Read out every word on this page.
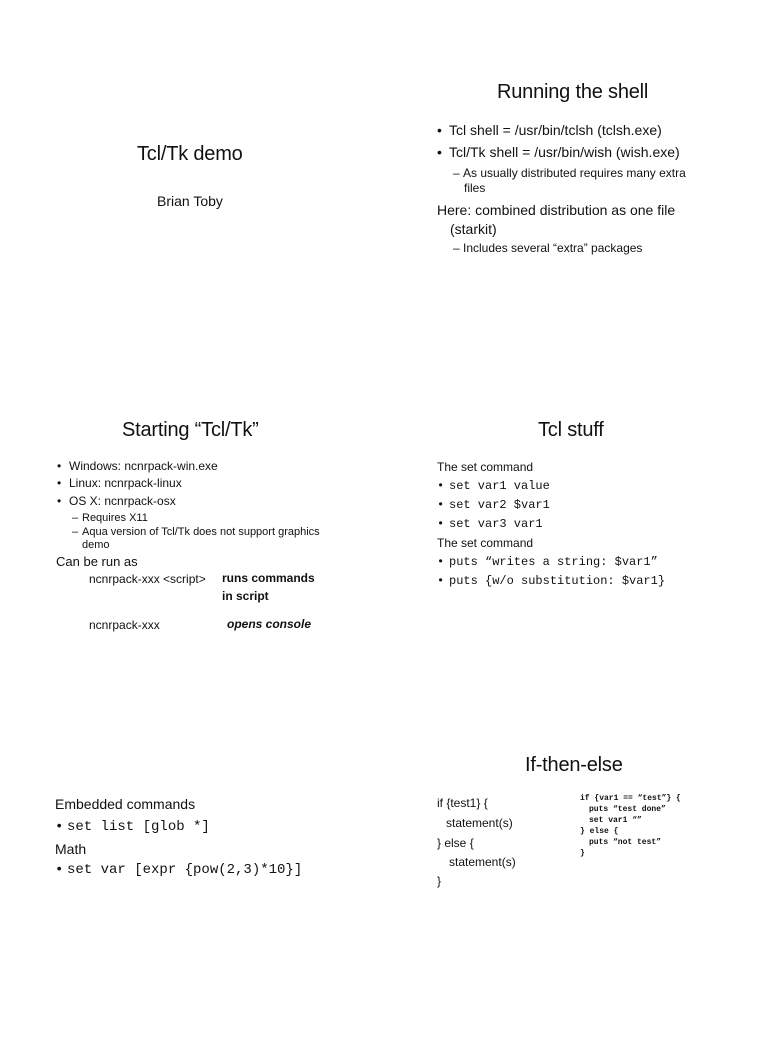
Tcl/Tk demo
Brian Toby
Running the shell
• Tcl shell = /usr/bin/tclsh (tclsh.exe)
• Tcl/Tk shell = /usr/bin/wish (wish.exe)
– As usually distributed requires many extra
files
Here: combined distribution as one file
(starkit)
– Includes several “extra” packages
Starting “Tcl/Tk”
• Windows: ncnrpack-win.exe
• Linux: ncnrpack-linux
• OS X: ncnrpack-osx
– Requires X11
– Aqua version of Tcl/Tk does not support graphics
demo
Can be run as
ncnrpack-xxx <script> runs commands
in script
ncnrpack-xxx	opens console
Tcl stuff
The set command
• set var1 value
• set var2 $var1
• set var3 var1
The set command
• puts “writes a string: $var1”
• puts {w/o substitution: $var1}
Embedded commands
• set list [glob *]
Math
• set var [expr {pow(2,3)*10}]
If-then-else
if {test1} {
statement(s)
} else {
statement(s)
}
if {var1 == “test”} {
puts “test done”
set var1 “”
} else {
puts “not test”
}
